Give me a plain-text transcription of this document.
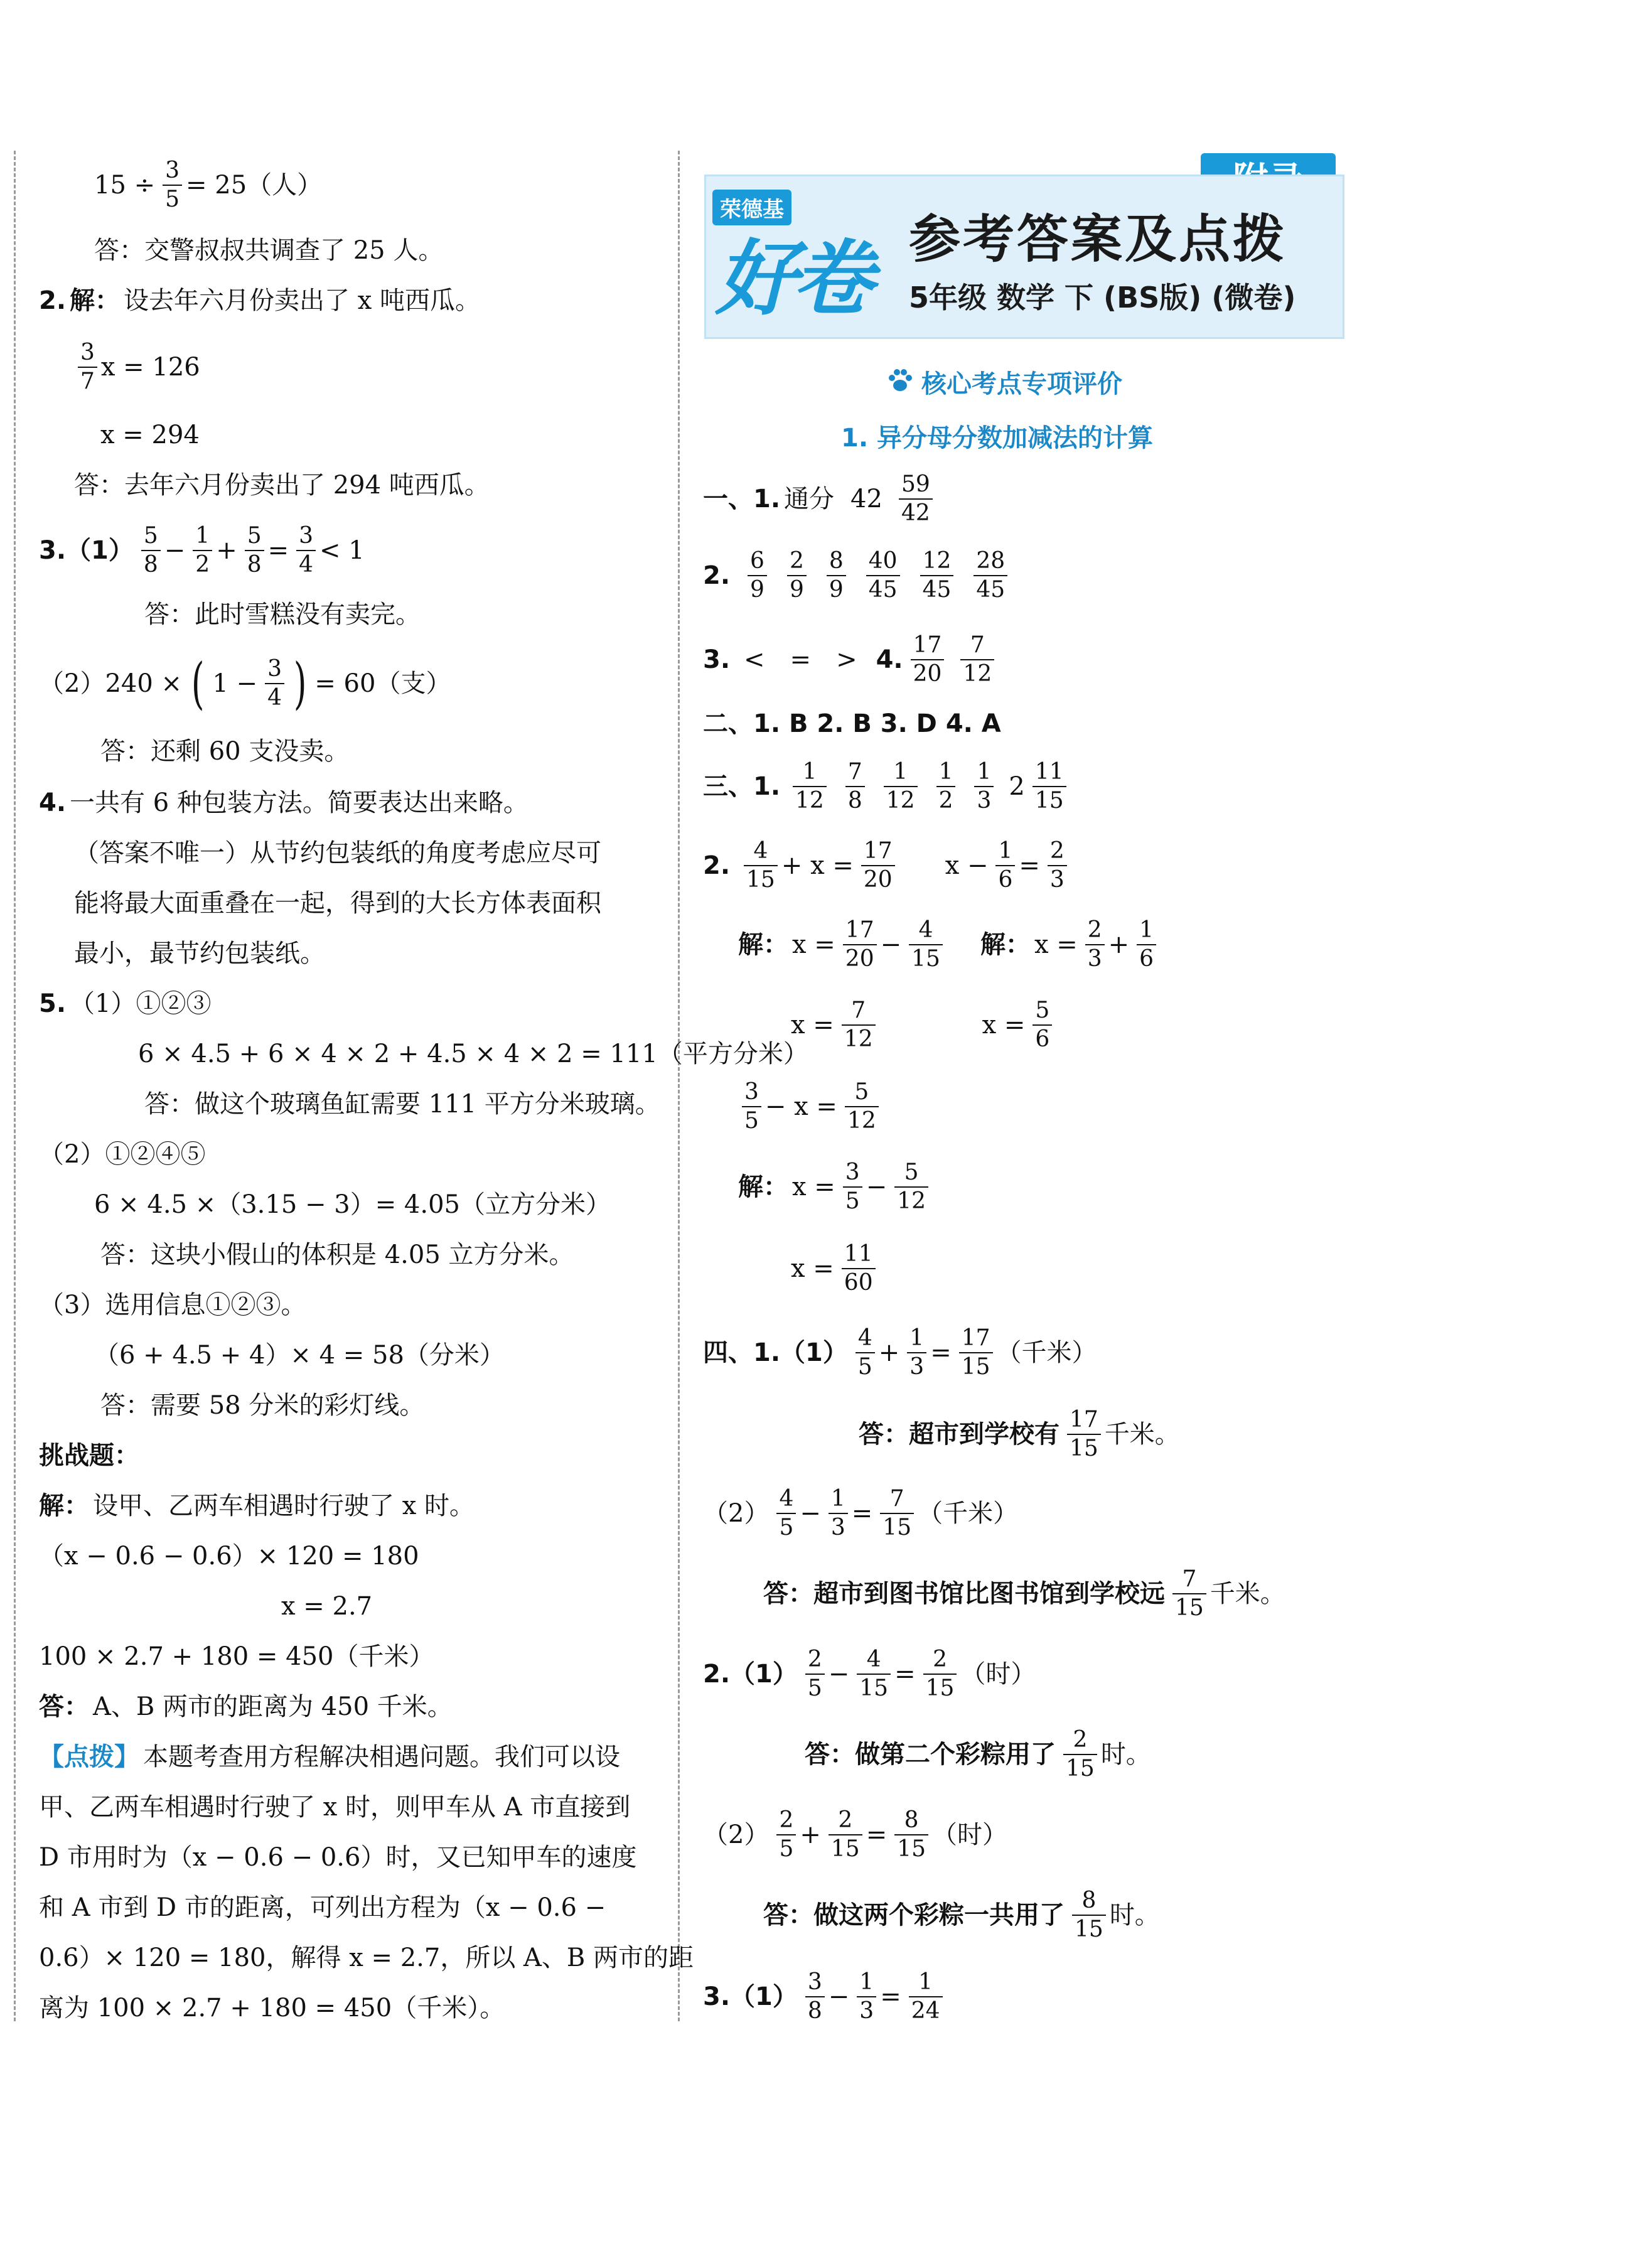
$15 \div \frac{3}{5} = 25$（人）
答：交警叔叔共调查了 25 人。
2. 解： 设去年六月份卖出了 x 吨西瓜。
$\frac{3}{7}$ x = 126
x = 294
答：去年六月份卖出了 294 吨西瓜。
$3.(1) \frac{5}{8} - \frac{1}{2} + \frac{5}{8} = \frac{3}{4} < 1$
答：此时雪糕没有卖完。
（2）240 × ( $1 - \frac{3}{4}$ ) = 60（支）
答：还剩 60 支没卖。
4. 一共有 6 种包装方法。简要表达出来略。
（答案不唯一）从节约包装纸的角度考虑应尽可
能将最大面重叠在一起，得到的大长方体表面积
最小，最节约包装纸。
5. （1）①②③
6 × 4.5 + 6 × 4 × 2 + 4.5 × 4 × 2 = 111（平方分米）
答：做这个玻璃鱼缸需要 111 平方分米玻璃。
（2）①②④⑤
6 × 4.5 ×（3.15 − 3）= 4.05（立方分米）
答：这块小假山的体积是 4.05 立方分米。
（3）选用信息①②③。
（6 + 4.5 + 4）× 4 = 58（分米）
答：需要 58 分米的彩灯线。
挑战题：
解： 设甲、乙两车相遇时行驶了 x 时。
（x − 0.6 − 0.6）× 120 = 180
x = 2.7
100 × 2.7 + 180 = 450（千米）
答： A、B 两市的距离为 450 千米。
【点拨】 本题考查用方程解决相遇问题。我们可以设
甲、乙两车相遇时行驶了 x 时，则甲车从 A 市直接到
D 市用时为（x − 0.6 − 0.6）时，又已知甲车的速度
和 A 市到 D 市的距离，可列出方程为（x − 0.6 −
0.6）× 120 = 180，解得 x = 2.7，所以 A、B 两市的距
离为 100 × 2.7 + 180 = 450（千米）。
荣德基
好卷 参考答案及点拨
5年级 数学 下 (BS版) (微卷)
核心考点专项评价
1. 异分母分数加减法的计算
一、1. 通分 $42 \frac{59}{42}$
2. $\frac{6}{9} \frac{2}{9} \frac{8}{9} \frac{40}{45} \frac{12}{45} \frac{28}{45}$
3. < = > 4. $\frac{17}{20} \frac{7}{12}$
二、1. B 2. B 3. D 4. A
三、1. $\frac{1}{12} \frac{7}{8} \frac{1}{12} \frac{1}{2} \frac{1}{3} 2 \frac{11}{15}$
2. $\frac{4}{15} + x = \frac{17}{20}$ $x - \frac{1}{6} = \frac{2}{3}$
解： $x = \frac{17}{20} - \frac{4}{15}$ 解： $x = \frac{2}{3} + \frac{1}{6}$
$x = \frac{7}{12}$	$x = \frac{5}{6}$
$\frac{3}{5} - x = \frac{5}{12}$
解： $x = \frac{3}{5} - \frac{5}{12}$
$x = \frac{11}{60}$
四、$1.(1) \frac{4}{5} + \frac{1}{3} = \frac{17}{15}$ （千米）
答：超市到学校有 $\frac{17}{15}$ 千米。
$(2) \frac{4}{5} - \frac{1}{3} = \frac{7}{15}$ （千米）
答：超市到图书馆比图书馆到学校远 $\frac{7}{15}$ 千米。
$2.(1) \frac{2}{5} - \frac{4}{15} = \frac{2}{15}$ （时）
答：做第二个彩粽用了 $\frac{2}{15}$ 时。
$(2) \frac{2}{5} + \frac{2}{15} = \frac{8}{15}$ （时）
答：做这两个彩粽一共用了 $\frac{8}{15}$ 时。
$3.(1) \frac{3}{8} - \frac{1}{3} = \frac{1}{24}$
